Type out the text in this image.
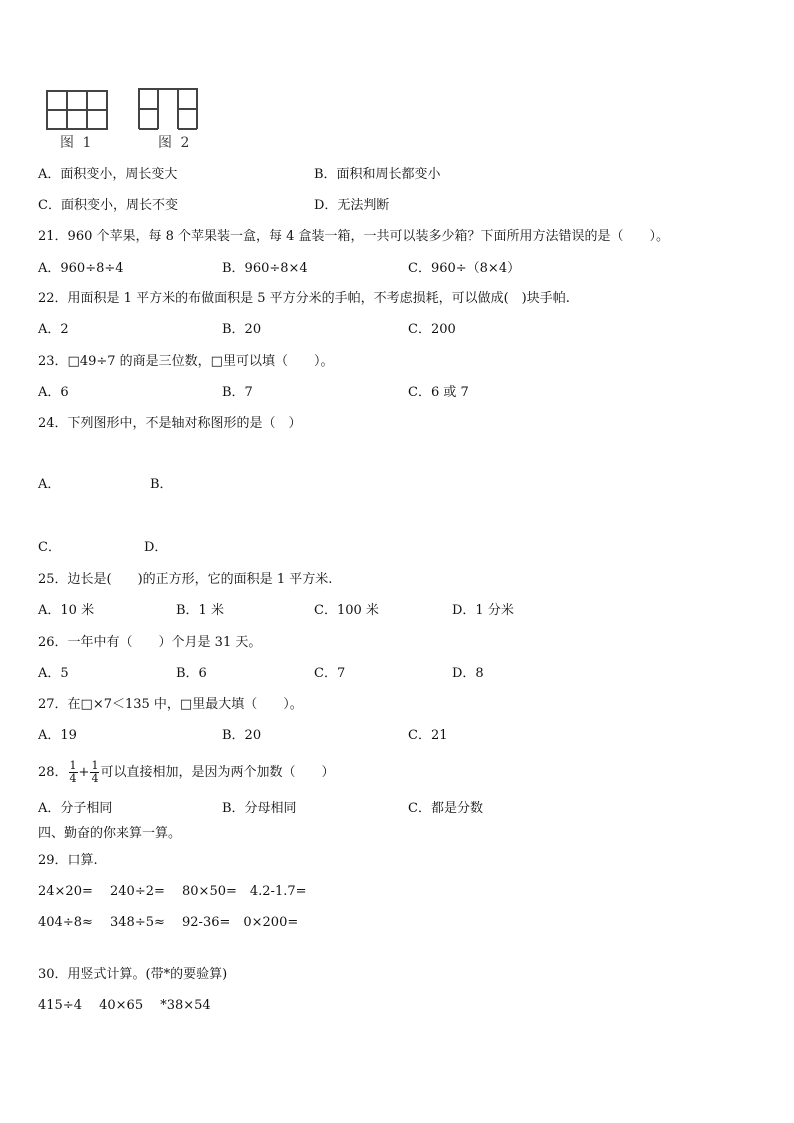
图 1	图 2
A．面积变小，周长变大	B．面积和周长都变小
C．面积变小，周长不变	D．无法判断
21．960 个苹果，每 8 个苹果装一盒，每 4 盒装一箱，一共可以装多少箱？下面所用方法错误的是（　　）。
A．960÷8÷4	B．960÷8×4	C．960÷（8×4）
22．用面积是 1 平方米的布做面积是 5 平方分米的手帕，不考虑损耗，可以做成(　)块手帕.
A．2	B．20	C．200
23．□49÷7 的商是三位数，□里可以填（　　）。
A．6	B．7	C．6 或 7
24．下列图形中，不是轴对称图形的是（　）
A．	B．
C．	D．
25．边长是(　　)的正方形，它的面积是 1 平方米.
A．10 米	B．1 米	C．100 米	D．1 分米
26．一年中有（　　）个月是 31 天。
A．5	B．6	C．7	D．8
27．在□×7＜135 中，□里最大填（　　）。
A．19	B．20	C．21
28． $\frac{1}{4} + \frac{1}{4}$ 可以直接相加，是因为两个加数（　　）
A．分子相同	B．分母相同	C．都是分数
四、勤奋的你来算一算。
29．口算.
24×20=　 240÷2=　 80×50=　4.2-1.7=
404÷8≈　 348÷5≈　 92-36=　0×200=
30．用竖式计算。(带*的要验算)
415÷4　 40×65　 *38×54
